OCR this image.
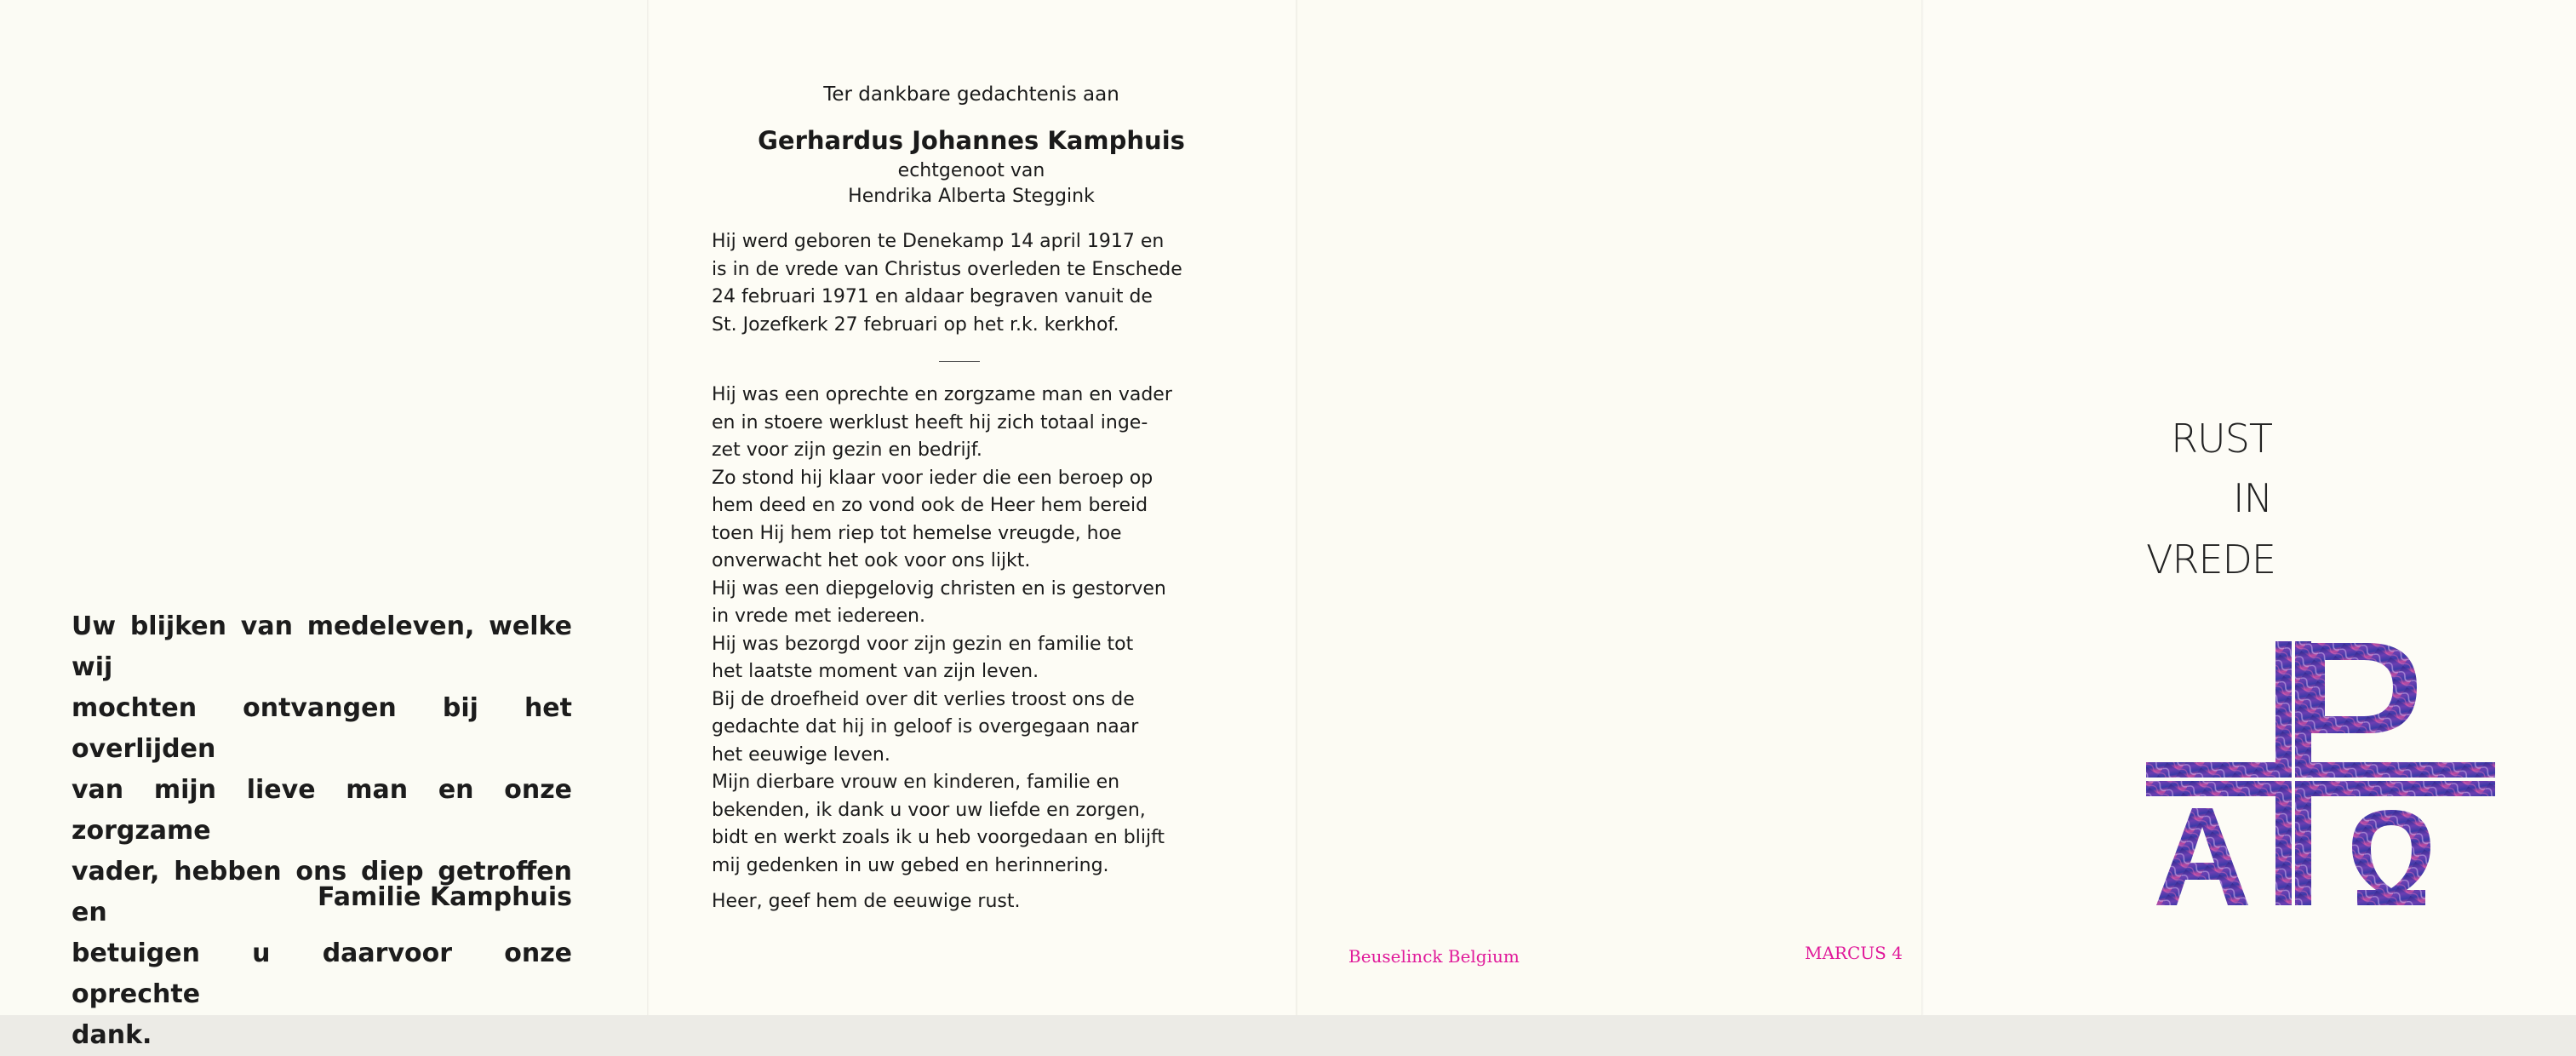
Uw blijken van medeleven, welke wij
mochten ontvangen bij het overlijden
van mijn lieve man en onze zorgzame
vader, hebben ons diep getroffen en
betuigen u daarvoor onze oprechte
dank.
Familie Kamphuis
Ter dankbare gedachtenis aan
Gerhardus Johannes Kamphuis
echtgenoot van
Hendrika Alberta Steggink
Hij werd geboren te Denekamp 14 april 1917 en
is in de vrede van Christus overleden te Enschede
24 februari 1971 en aldaar begraven vanuit de
St. Jozefkerk 27 februari op het r.k. kerkhof.
Hij was een oprechte en zorgzame man en vader
en in stoere werklust heeft hij zich totaal inge-
zet voor zijn gezin en bedrijf.
Zo stond hij klaar voor ieder die een beroep op
hem deed en zo vond ook de Heer hem bereid
toen Hij hem riep tot hemelse vreugde, hoe
onverwacht het ook voor ons lijkt.
Hij was een diepgelovig christen en is gestorven
in vrede met iedereen.
Hij was bezorgd voor zijn gezin en familie tot
het laatste moment van zijn leven.
Bij de droefheid over dit verlies troost ons de
gedachte dat hij in geloof is overgegaan naar
het eeuwige leven.
Mijn dierbare vrouw en kinderen, familie en
bekenden, ik dank u voor uw liefde en zorgen,
bidt en werkt zoals ik u heb voorgedaan en blijft
mij gedenken in uw gebed en herinnering.
Heer, geef hem de eeuwige rust.
Beuselinck Belgium	MARCUS 4
RUST
IN
VREDE
